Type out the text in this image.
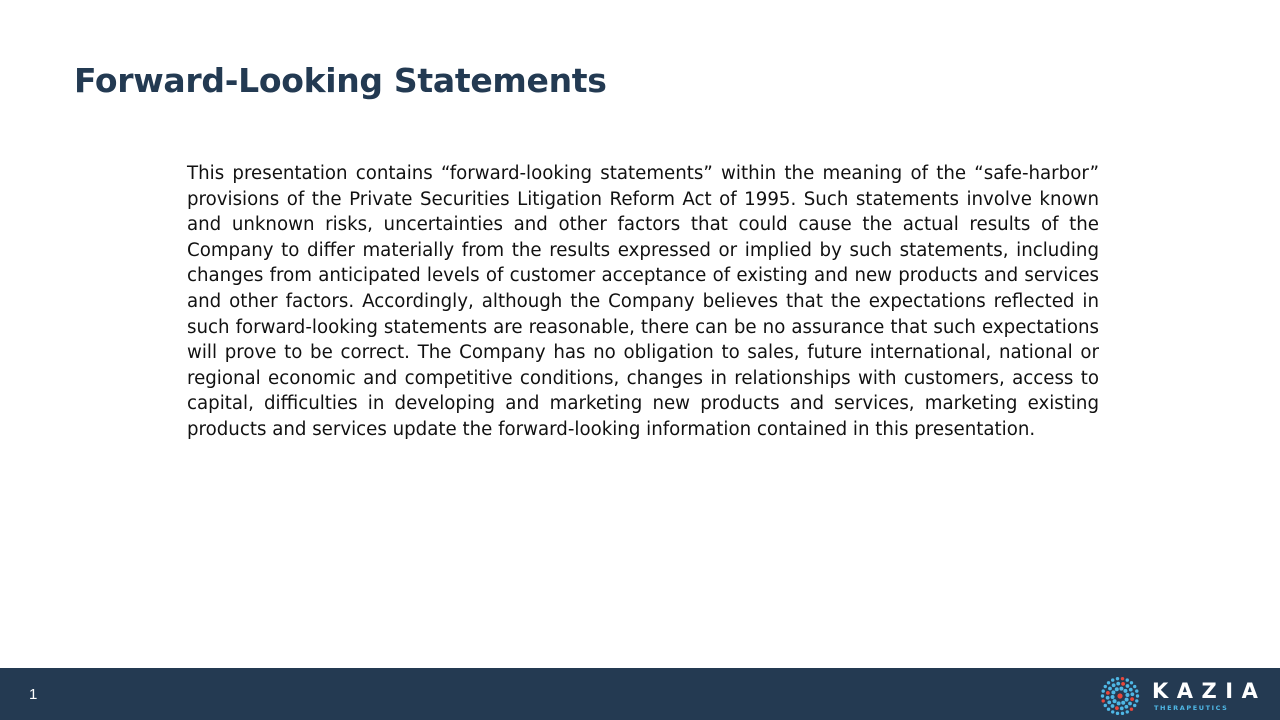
Forward-Looking Statements

This presentation contains “forward-looking statements” within the meaning of the “safe-harbor” provisions of the Private Securities Litigation Reform Act of 1995. Such statements involve known and unknown risks, uncertainties and other factors that could cause the actual results of the Company to differ materially from the results expressed or implied by such statements, including changes from anticipated levels of customer acceptance of existing and new products and services and other factors. Accordingly, although the Company believes that the expectations reflected in such forward-looking statements are reasonable, there can be no assurance that such expectations will prove to be correct. The Company has no obligation to sales, future international, national or regional economic and competitive conditions, changes in relationships with customers, access to capital, difficulties in developing and marketing new products and services, marketing existing products and services update the forward-looking information contained in this presentation.

1	KAZIA
THERAPEUTICS
